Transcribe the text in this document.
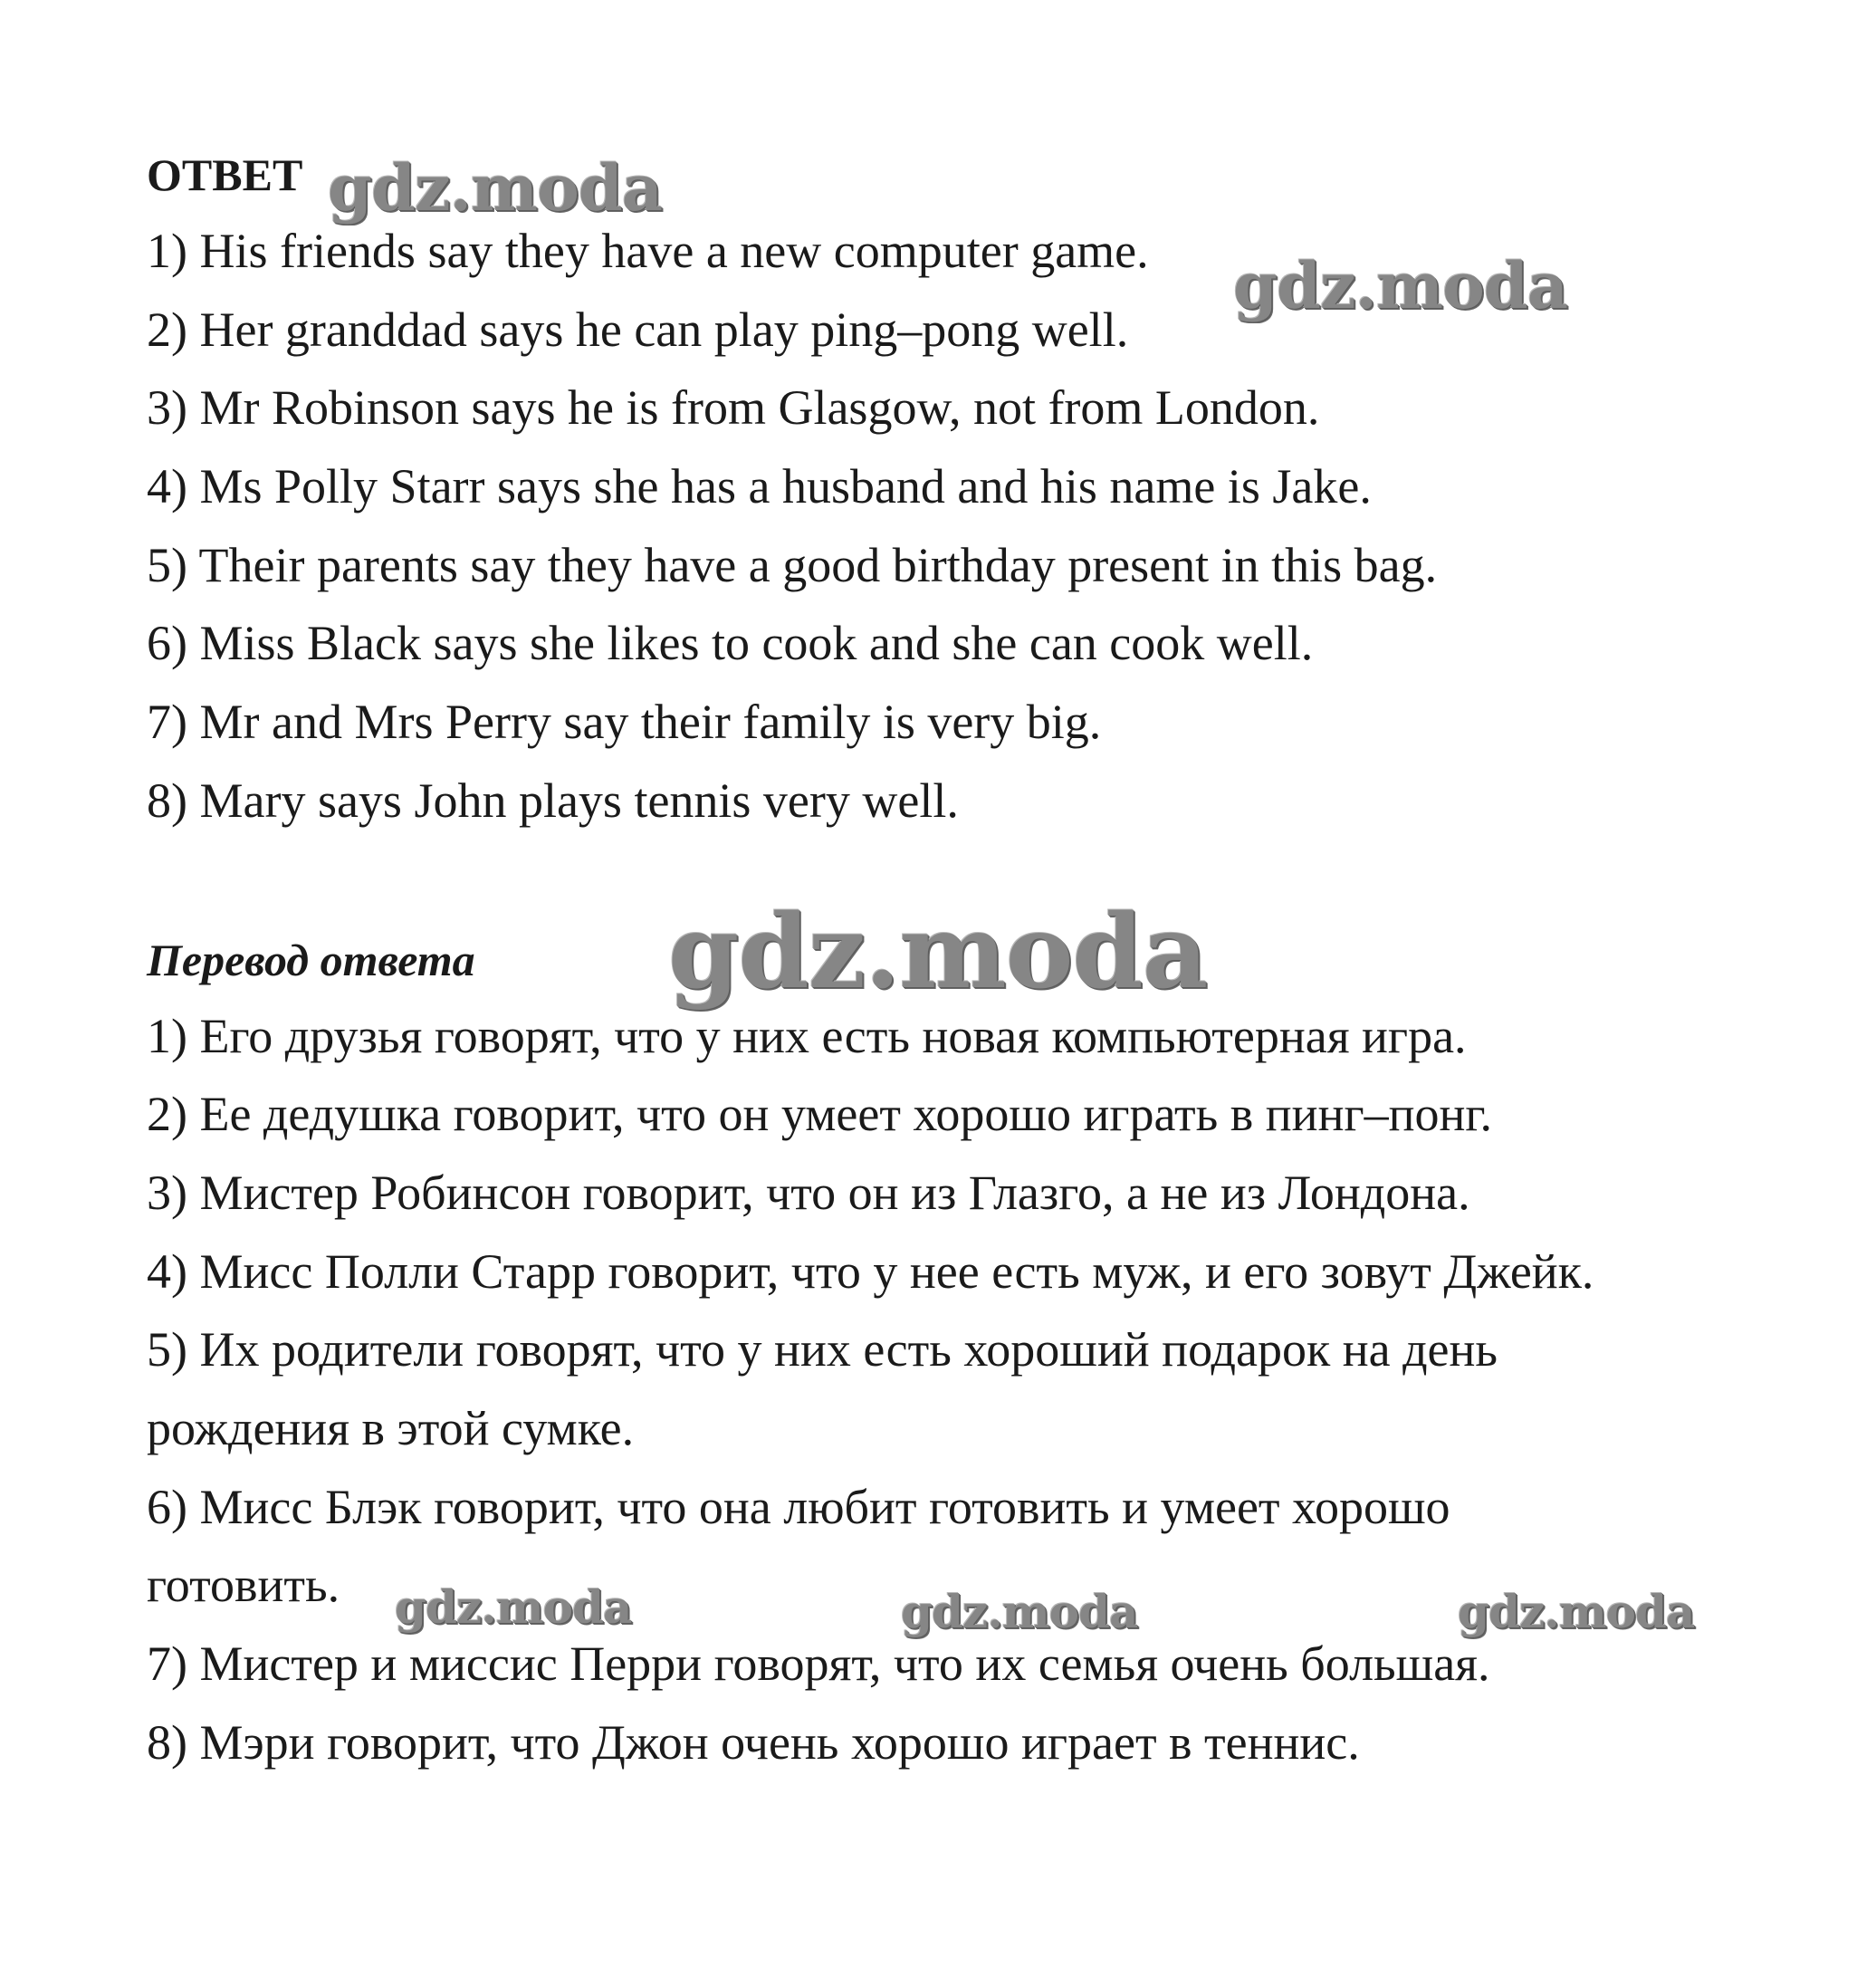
ОТВЕТ
1) His friends say they have a new computer game.
2) Her granddad says he can play ping–pong well.
3) Mr Robinson says he is from Glasgow, not from London.
4) Ms Polly Starr says she has a husband and his name is Jake.
5) Their parents say they have a good birthday present in this bag.
6) Miss Black says she likes to cook and she can cook well.
7) Mr and Mrs Perry say their family is very big.
8) Mary says John plays tennis very well.
Перевод ответа
1) Его друзья говорят, что у них есть новая компьютерная игра.
2) Ее дедушка говорит, что он умеет хорошо играть в пинг–понг.
3) Мистер Робинсон говорит, что он из Глазго, а не из Лондона.
4) Мисс Полли Старр говорит, что у нее есть муж, и его зовут Джейк.
5) Их родители говорят, что у них есть хороший подарок на день
рождения в этой сумке.
6) Мисс Блэк говорит, что она любит готовить и умеет хорошо
готовить.
7) Мистер и миссис Перри говорят, что их семья очень большая.
8) Мэри говорит, что Джон очень хорошо играет в теннис.
gdz.moda
gdz.moda
gdz.moda
gdz.moda	gdz.moda	gdz.moda
